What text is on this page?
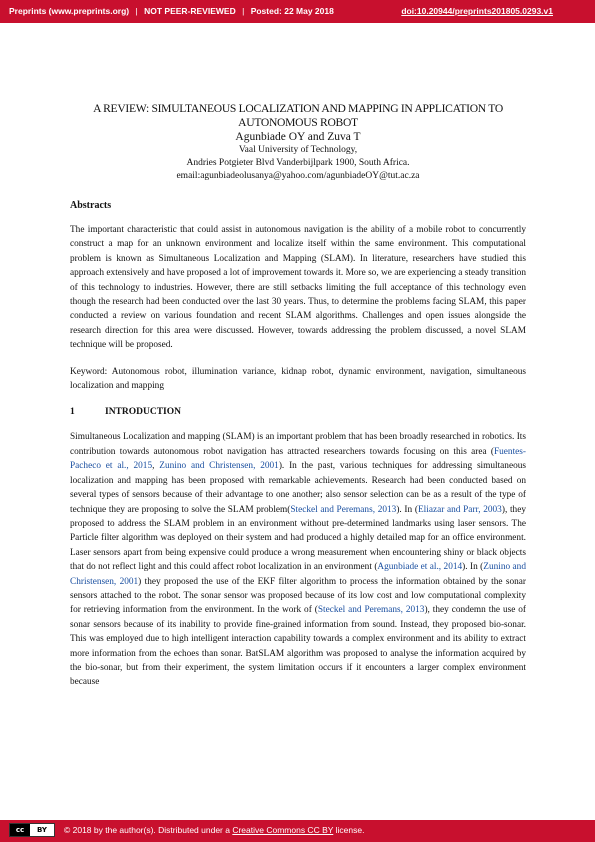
Preprints (www.preprints.org) | NOT PEER-REVIEWED | Posted: 22 May 2018	doi:10.20944/preprints201805.0293.v1
A REVIEW: SIMULTANEOUS LOCALIZATION AND MAPPING IN APPLICATION TO
AUTONOMOUS ROBOT
Agunbiade OY and Zuva T
Vaal University of Technology,
Andries Potgieter Blvd Vanderbijlpark 1900, South Africa.
email:agunbiadeolusanya@yahoo.com/agunbiadeOY@tut.ac.za
Abstracts
The important characteristic that could assist in autonomous navigation is the ability of a mobile robot to concurrently construct a map for an unknown environment and localize itself within the same environment. This computational problem is known as Simultaneous Localization and Mapping (SLAM). In literature, researchers have studied this approach extensively and have proposed a lot of improvement towards it. More so, we are experiencing a steady transition of this technology to industries. However, there are still setbacks limiting the full acceptance of this technology even though the research had been conducted over the last 30 years. Thus, to determine the problems facing SLAM, this paper conducted a review on various foundation and recent SLAM algorithms. Challenges and open issues alongside the research direction for this area were discussed. However, towards addressing the problem discussed, a novel SLAM technique will be proposed.
Keyword: Autonomous robot, illumination variance, kidnap robot, dynamic environment, navigation, simultaneous localization and mapping
1	INTRODUCTION
Simultaneous Localization and mapping (SLAM) is an important problem that has been broadly researched in robotics. Its contribution towards autonomous robot navigation has attracted researchers towards focusing on this area (Fuentes-Pacheco et al., 2015, Zunino and Christensen, 2001). In the past, various techniques for addressing simultaneous localization and mapping has been proposed with remarkable achievements. Research had been conducted based on several types of sensors because of their advantage to one another; also sensor selection can be as a result of the type of technique they are proposing to solve the SLAM problem(Steckel and Peremans, 2013). In (Eliazar and Parr, 2003), they proposed to address the SLAM problem in an environment without pre-determined landmarks using laser sensors. The Particle filter algorithm was deployed on their system and had produced a highly detailed map for an office environment. Laser sensors apart from being expensive could produce a wrong measurement when encountering shiny or black objects that do not reflect light and this could affect robot localization in an environment (Agunbiade et al., 2014). In (Zunino and Christensen, 2001) they proposed the use of the EKF filter algorithm to process the information obtained by the sonar sensors attached to the robot. The sonar sensor was proposed because of its low cost and low computational complexity for retrieving information from the environment. In the work of (Steckel and Peremans, 2013), they condemn the use of sonar sensors because of its inability to provide fine-grained information from sound. Instead, they proposed bio-sonar. This was employed due to high intelligent interaction capability towards a complex environment and its ability to extract more information from the echoes than sonar. BatSLAM algorithm was proposed to analyse the information acquired by the bio-sonar, but from their experiment, the system limitation occurs if it encounters a larger complex environment because
cc	BY	© 2018 by the author(s). Distributed under a Creative Commons CC BY license.
